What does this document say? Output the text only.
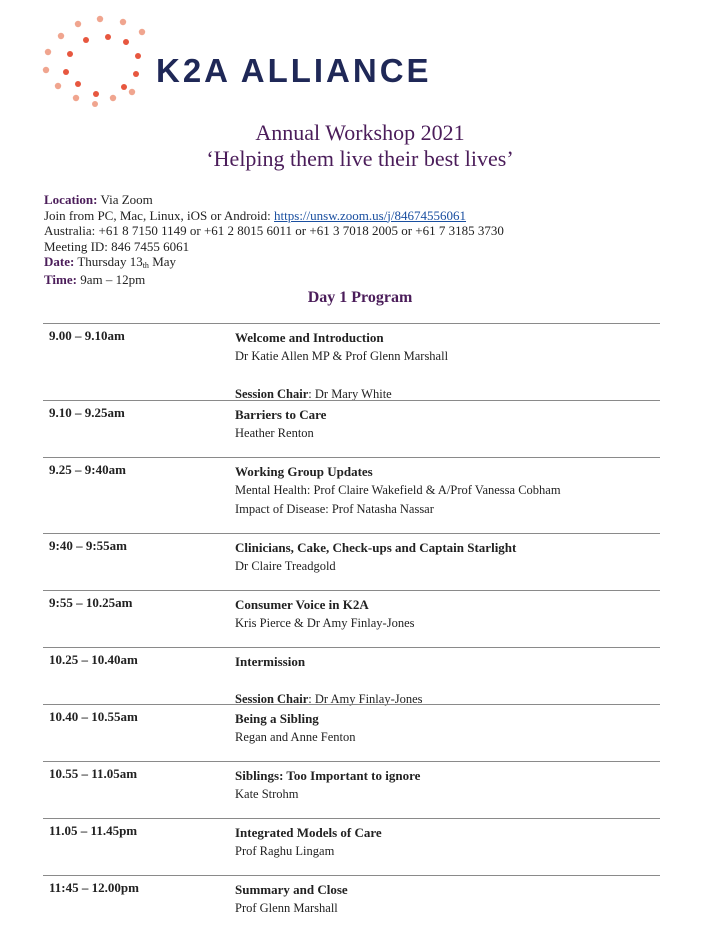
K2A ALLIANCE
Annual Workshop 2021
‘Helping them live their best lives’
Location: Via Zoom
Join from PC, Mac, Linux, iOS or Android: https://unsw.zoom.us/j/84674556061
Australia: +61 8 7150 1149 or +61 2 8015 6011 or +61 3 7018 2005 or +61 7 3185 3730
Meeting ID: 846 7455 6061
Date: Thursday $13_{th}$ May
Time: 9am – 12pm
Day 1 Program
9.00 – 9.10am	Welcome and Introduction
Dr Katie Allen MP & Prof Glenn Marshall
Session Chair: Dr Mary White
9.10 – 9.25am	Barriers to Care
Heather Renton
9.25 – 9:40am	Working Group Updates
Mental Health: Prof Claire Wakefield & A/Prof Vanessa Cobham
Impact of Disease: Prof Natasha Nassar
9:40 – 9:55am	Clinicians, Cake, Check-ups and Captain Starlight
Dr Claire Treadgold
9:55 – 10.25am	Consumer Voice in K2A
Kris Pierce & Dr Amy Finlay-Jones
10.25 – 10.40am	Intermission
Session Chair: Dr Amy Finlay-Jones
10.40 – 10.55am	Being a Sibling
Regan and Anne Fenton
10.55 – 11.05am	Siblings: Too Important to ignore
Kate Strohm
11.05 – 11.45pm	Integrated Models of Care
Prof Raghu Lingam
11:45 – 12.00pm	Summary and Close
Prof Glenn Marshall
